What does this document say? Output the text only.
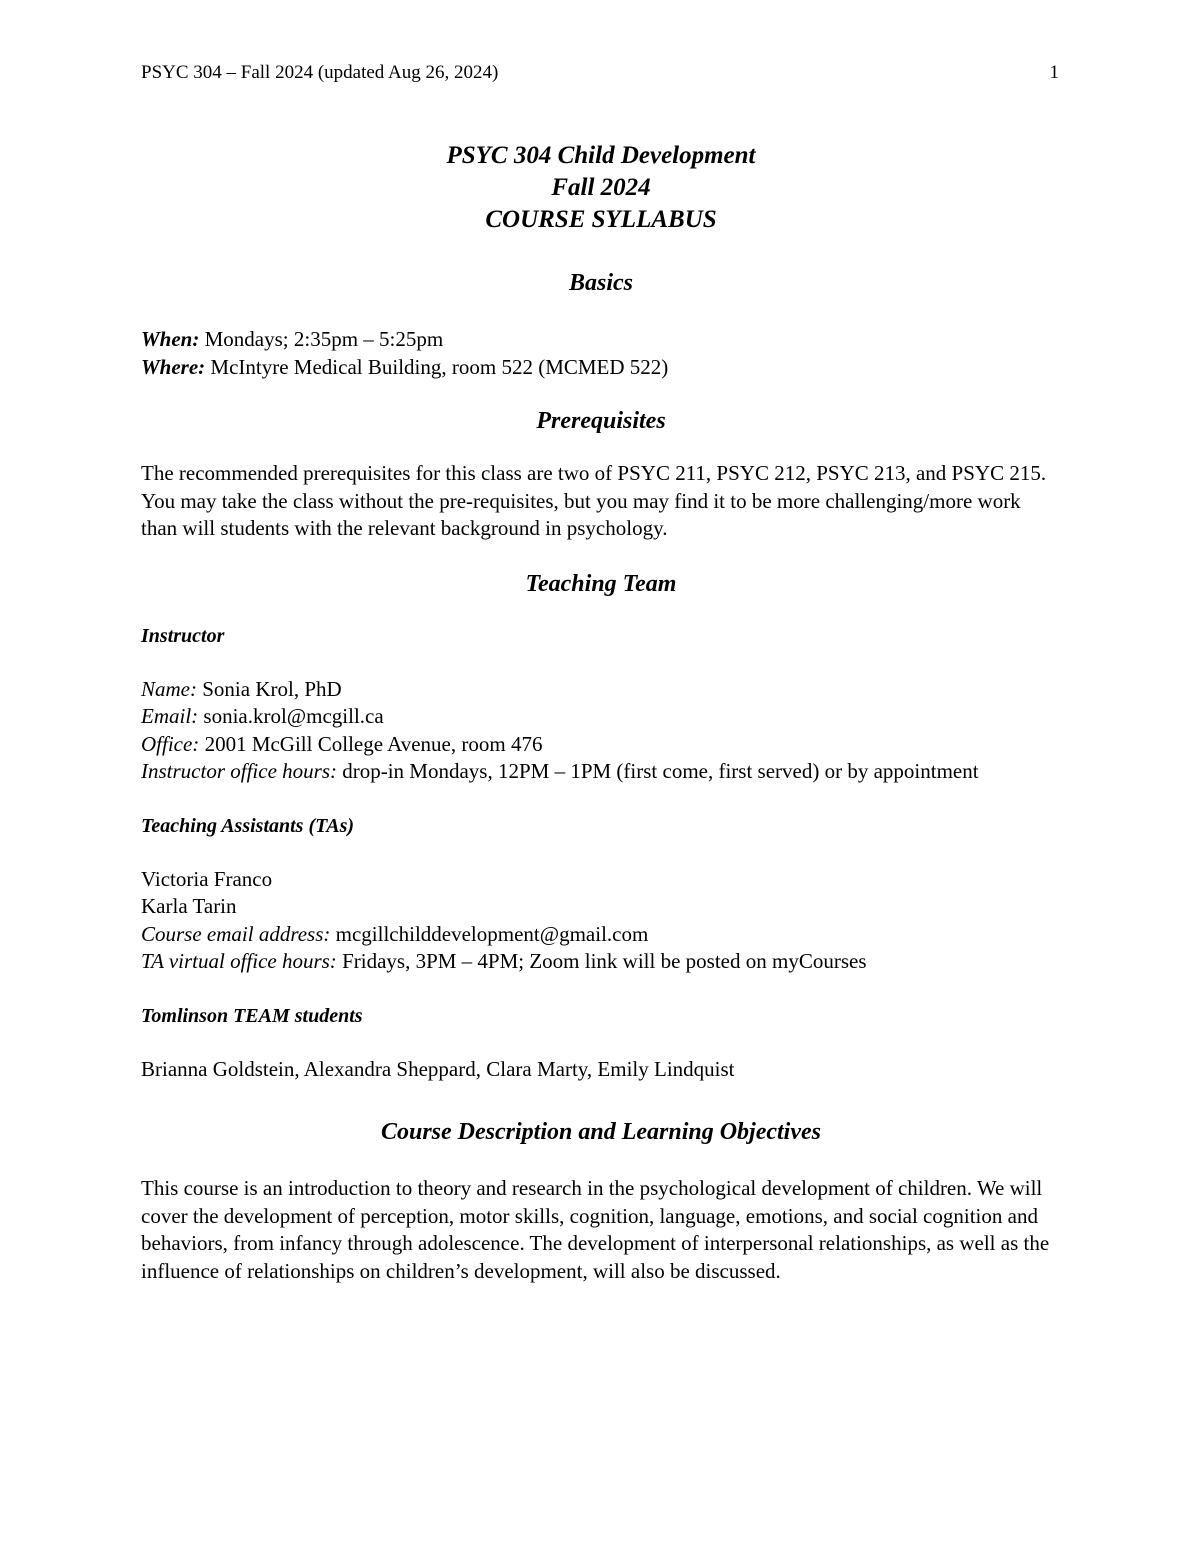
PSYC 304 – Fall 2024 (updated Aug 26, 2024)	1
PSYC 304 Child Development
Fall 2024
COURSE SYLLABUS
Basics

When: Mondays; 2:35pm – 5:25pm

Where: McIntyre Medical Building, room 522 (MCMED 522)

Prerequisites

The recommended prerequisites for this class are two of PSYC 211, PSYC 212, PSYC 213, and PSYC 215. You may take the class without the pre-requisites, but you may find it to be more challenging/more work than will students with the relevant background in psychology.

Teaching Team
Instructor

Name: Sonia Krol, PhD

Email: sonia.krol@mcgill.ca

Office: 2001 McGill College Avenue, room 476

Instructor office hours: drop-in Mondays, 12PM – 1PM (first come, first served) or by appointment

Teaching Assistants (TAs)

Victoria Franco

Karla Tarin

Course email address: mcgillchilddevelopment@gmail.com

TA virtual office hours: Fridays, 3PM – 4PM; Zoom link will be posted on myCourses

Tomlinson TEAM students

Brianna Goldstein, Alexandra Sheppard, Clara Marty, Emily Lindquist

Course Description and Learning Objectives

This course is an introduction to theory and research in the psychological development of children. We will cover the development of perception, motor skills, cognition, language, emotions, and social cognition and behaviors, from infancy through adolescence. The development of interpersonal relationships, as well as the influence of relationships on children’s development, will also be discussed.
